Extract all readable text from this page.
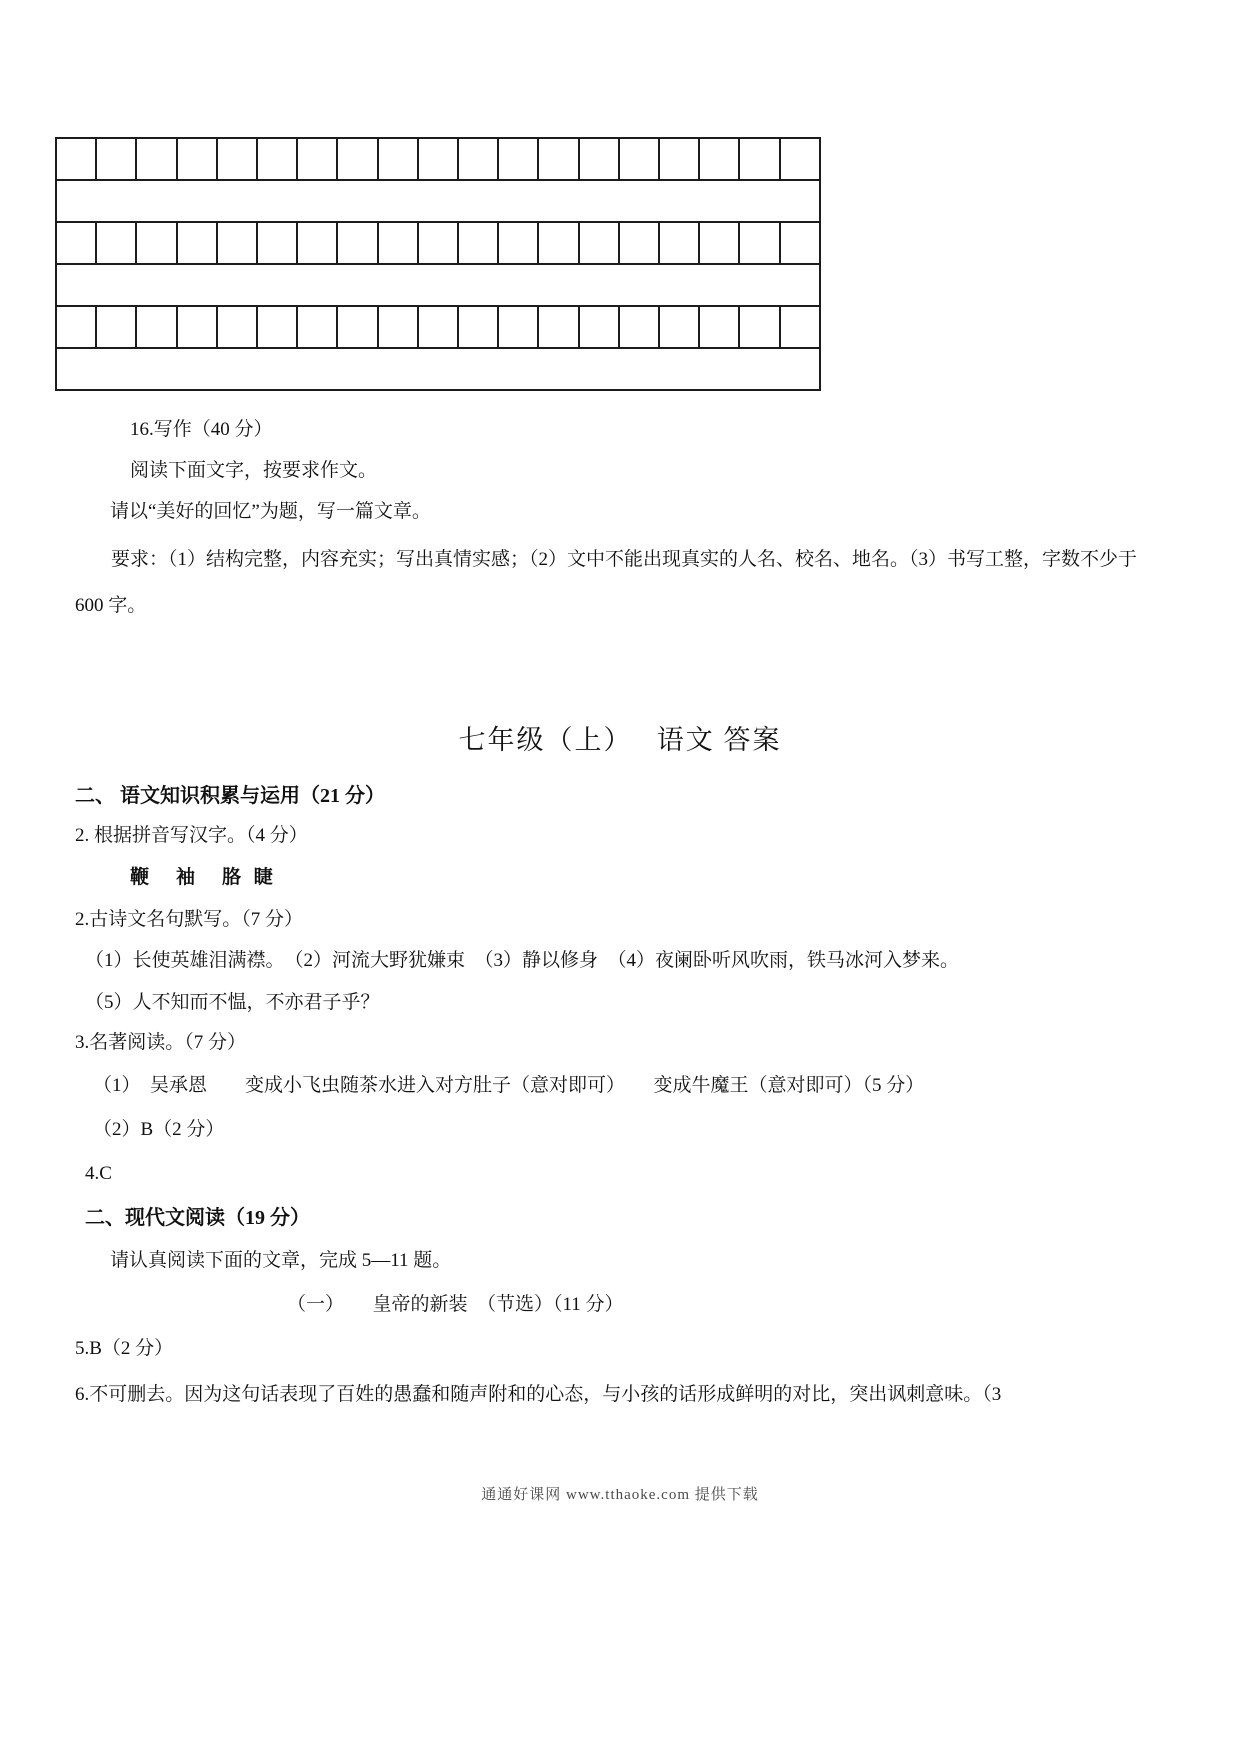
16.写作（40 分）
阅读下面文字，按要求作文。
请以“美好的回忆”为题，写一篇文章。
要求：（1）结构完整，内容充实；写出真情实感；（2）文中不能出现真实的人名、校名、地名。（3）书写工整，字数不少于 600 字。
七年级（上）　 语文 答案
二、 语文知识积累与运用（21 分）
2. 根据拼音写汉字。（4 分）
鞭　袖　胳 睫
2.古诗文名句默写。（7 分）
（1）长使英雄泪满襟。　（2）河流大野犹嫌束　（3）静以修身　（4）夜阑卧听风吹雨，铁马冰河入梦来。
（5）人不知而不愠，不亦君子乎？
3.名著阅读。（7 分）
（1）　吴承恩　　变成小飞虫随茶水进入对方肚子（意对即可）　　变成牛魔王（意对即可）（5 分）
（2）B（2 分）
4.C
二、现代文阅读（19 分）
请认真阅读下面的文章，完成 5—11 题。
（一）　　皇帝的新装　（节选）（11 分）
5.B（2 分）
6.不可删去。因为这句话表现了百姓的愚蠢和随声附和的心态，与小孩的话形成鲜明的对比，突出讽刺意味。（3
通通好课网 www.tthaoke.com 提供下载
